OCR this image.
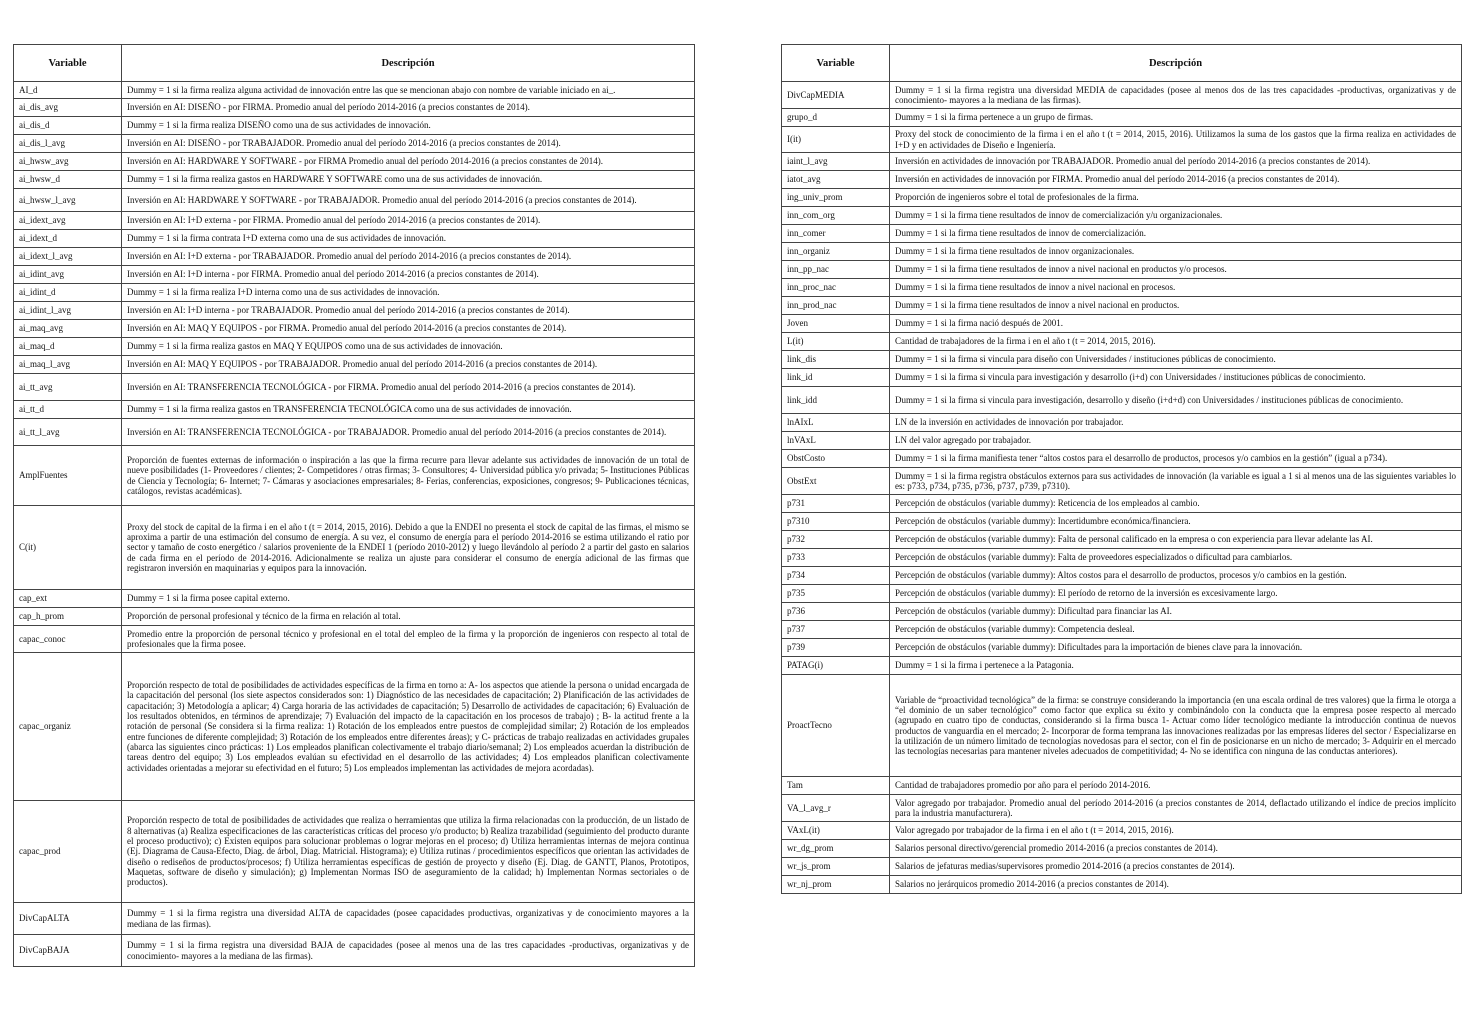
Variable	Descripción
AI_d	Dummy = 1 si la firma realiza alguna actividad de innovación entre las que se mencionan abajo con nombre de variable iniciado en ai_.
ai_dis_avg	Inversión en AI: DISEÑO - por FIRMA. Promedio anual del período 2014-2016 (a precios constantes de 2014).
ai_dis_d	Dummy = 1 si la firma realiza DISEÑO como una de sus actividades de innovación.
ai_dis_l_avg	Inversión en AI: DISEÑO - por TRABAJADOR. Promedio anual del período 2014-2016 (a precios constantes de 2014).
ai_hwsw_avg	Inversión en AI: HARDWARE Y SOFTWARE - por FIRMA Promedio anual del período 2014-2016 (a precios constantes de 2014).
ai_hwsw_d	Dummy = 1 si la firma realiza gastos en HARDWARE Y SOFTWARE como una de sus actividades de innovación.
ai_hwsw_l_avg	Inversión en AI: HARDWARE Y SOFTWARE - por TRABAJADOR. Promedio anual del período 2014-2016 (a precios constantes de 2014).
ai_idext_avg	Inversión en AI: I+D externa - por FIRMA. Promedio anual del período 2014-2016 (a precios constantes de 2014).
ai_idext_d	Dummy = 1 si la firma contrata I+D externa como una de sus actividades de innovación.
ai_idext_l_avg	Inversión en AI: I+D externa - por TRABAJADOR. Promedio anual del período 2014-2016 (a precios constantes de 2014).
ai_idint_avg	Inversión en AI: I+D interna - por FIRMA. Promedio anual del período 2014-2016 (a precios constantes de 2014).
ai_idint_d	Dummy = 1 si la firma realiza I+D interna como una de sus actividades de innovación.
ai_idint_l_avg	Inversión en AI: I+D interna - por TRABAJADOR. Promedio anual del período 2014-2016 (a precios constantes de 2014).
ai_maq_avg	Inversión en AI: MAQ Y EQUIPOS - por FIRMA. Promedio anual del período 2014-2016 (a precios constantes de 2014).
ai_maq_d	Dummy = 1 si la firma realiza gastos en MAQ Y EQUIPOS como una de sus actividades de innovación.
ai_maq_l_avg	Inversión en AI: MAQ Y EQUIPOS - por TRABAJADOR. Promedio anual del período 2014-2016 (a precios constantes de 2014).
ai_tt_avg	Inversión en AI: TRANSFERENCIA TECNOLÓGICA - por FIRMA. Promedio anual del período 2014-2016 (a precios constantes de 2014).
ai_tt_d	Dummy = 1 si la firma realiza gastos en TRANSFERENCIA TECNOLÓGICA como una de sus actividades de innovación.
ai_tt_l_avg	Inversión en AI: TRANSFERENCIA TECNOLÓGICA - por TRABAJADOR. Promedio anual del período 2014-2016 (a precios constantes de 2014).
AmplFuentes	Proporción de fuentes externas de información o inspiración a las que la firma recurre para llevar adelante sus actividades de innovación de un total de nueve posibilidades (1- Proveedores / clientes; 2- Competidores / otras firmas; 3- Consultores; 4- Universidad pública y/o privada; 5- Instituciones Públicas de Ciencia y Tecnología; 6- Internet; 7- Cámaras y asociaciones empresariales; 8- Ferias, conferencias, exposiciones, congresos; 9- Publicaciones técnicas, catálogos, revistas académicas).
C(it)	Proxy del stock de capital de la firma i en el año t (t = 2014, 2015, 2016). Debido a que la ENDEI no presenta el stock de capital de las firmas, el mismo se aproxima a partir de una estimación del consumo de energía. A su vez, el consumo de energía para el período 2014-2016 se estima utilizando el ratio por sector y tamaño de costo energético / salarios proveniente de la ENDEI 1 (período 2010-2012) y luego llevándolo al período 2 a partir del gasto en salarios de cada firma en el período de 2014-2016. Adicionalmente se realiza un ajuste para considerar el consumo de energía adicional de las firmas que registraron inversión en maquinarias y equipos para la innovación.
cap_ext	Dummy = 1 si la firma posee capital externo.
cap_h_prom	Proporción de personal profesional y técnico de la firma en relación al total.
capac_conoc	Promedio entre la proporción de personal técnico y profesional en el total del empleo de la firma y la proporción de ingenieros con respecto al total de profesionales que la firma posee.
capac_organiz	Proporción respecto de total de posibilidades de actividades específicas de la firma en torno a: A- los aspectos que atiende la persona o unidad encargada de la capacitación del personal (los siete aspectos considerados son: 1) Diagnóstico de las necesidades de capacitación; 2) Planificación de las actividades de capacitación; 3) Metodología a aplicar; 4) Carga horaria de las actividades de capacitación; 5) Desarrollo de actividades de capacitación; 6) Evaluación de los resultados obtenidos, en términos de aprendizaje; 7) Evaluación del impacto de la capacitación en los procesos de trabajo) ; B- la actitud frente a la rotación de personal (Se considera si la firma realiza: 1) Rotación de los empleados entre puestos de complejidad similar; 2) Rotación de los empleados entre funciones de diferente complejidad; 3) Rotación de los empleados entre diferentes áreas); y C- prácticas de trabajo realizadas en actividades grupales (abarca las siguientes cinco prácticas: 1) Los empleados planifican colectivamente el trabajo diario/semanal; 2) Los empleados acuerdan la distribución de tareas dentro del equipo; 3) Los empleados evalúan su efectividad en el desarrollo de las actividades; 4) Los empleados planifican colectivamente actividades orientadas a mejorar su efectividad en el futuro; 5) Los empleados implementan las actividades de mejora acordadas).
capac_prod	Proporción respecto de total de posibilidades de actividades que realiza o herramientas que utiliza la firma relacionadas con la producción, de un listado de 8 alternativas (a) Realiza especificaciones de las características críticas del proceso y/o producto; b) Realiza trazabilidad (seguimiento del producto durante el proceso productivo); c) Existen equipos para solucionar problemas o lograr mejoras en el proceso; d) Utiliza herramientas internas de mejora continua (Ej. Diagrama de Causa-Efecto, Diag. de árbol, Diag. Matricial. Histograma); e) Utiliza rutinas / procedimientos específicos que orientan las actividades de diseño o rediseños de productos/procesos; f) Utiliza herramientas específicas de gestión de proyecto y diseño (Ej. Diag. de GANTT, Planos, Prototipos, Maquetas, software de diseño y simulación); g) Implementan Normas ISO de aseguramiento de la calidad; h) Implementan Normas sectoriales o de productos).
DivCapALTA	Dummy = 1 si la firma registra una diversidad ALTA de capacidades (posee capacidades productivas, organizativas y de conocimiento mayores a la mediana de las firmas).
DivCapBAJA	Dummy = 1 si la firma registra una diversidad BAJA de capacidades (posee al menos una de las tres capacidades -productivas, organizativas y de conocimiento- mayores a la mediana de las firmas).
Variable	Descripción
DivCapMEDIA	Dummy = 1 si la firma registra una diversidad MEDIA de capacidades (posee al menos dos de las tres capacidades -productivas, organizativas y de conocimiento- mayores a la mediana de las firmas).
grupo_d	Dummy = 1 si la firma pertenece a un grupo de firmas.
I(it)	Proxy del stock de conocimiento de la firma i en el año t (t = 2014, 2015, 2016). Utilizamos la suma de los gastos que la firma realiza en actividades de I+D y en actividades de Diseño e Ingeniería.
iaint_l_avg	Inversión en actividades de innovación por TRABAJADOR. Promedio anual del período 2014-2016 (a precios constantes de 2014).
iatot_avg	Inversión en actividades de innovación por FIRMA. Promedio anual del período 2014-2016 (a precios constantes de 2014).
ing_univ_prom	Proporción de ingenieros sobre el total de profesionales de la firma.
inn_com_org	Dummy = 1 si la firma tiene resultados de innov de comercialización y/u organizacionales.
inn_comer	Dummy = 1 si la firma tiene resultados de innov de comercialización.
inn_organiz	Dummy = 1 si la firma tiene resultados de innov organizacionales.
inn_pp_nac	Dummy = 1 si la firma tiene resultados de innov a nivel nacional en productos y/o procesos.
inn_proc_nac	Dummy = 1 si la firma tiene resultados de innov a nivel nacional en procesos.
inn_prod_nac	Dummy = 1 si la firma tiene resultados de innov a nivel nacional en productos.
Joven	Dummy = 1 si la firma nació después de 2001.
L(it)	Cantidad de trabajadores de la firma i en el año t (t = 2014, 2015, 2016).
link_dis	Dummy = 1 si la firma si vincula para diseño con Universidades / instituciones públicas de conocimiento.
link_id	Dummy = 1 si la firma si vincula para investigación y desarrollo (i+d) con Universidades / instituciones públicas de conocimiento.
link_idd	Dummy = 1 si la firma si vincula para investigación, desarrollo y diseño (i+d+d) con Universidades / instituciones públicas de conocimiento.
lnAIxL	LN de la inversión en actividades de innovación por trabajador.
lnVAxL	LN del valor agregado por trabajador.
ObstCosto	Dummy = 1 si la firma manifiesta tener “altos costos para el desarrollo de productos, procesos y/o cambios en la gestión” (igual a p734).
ObstExt	Dummy = 1 si la firma registra obstáculos externos para sus actividades de innovación (la variable es igual a 1 si al menos una de las siguientes variables lo es: p733, p734, p735, p736, p737, p739, p7310).
p731	Percepción de obstáculos (variable dummy): Reticencia de los empleados al cambio.
p7310	Percepción de obstáculos (variable dummy): Incertidumbre económica/financiera.
p732	Percepción de obstáculos (variable dummy): Falta de personal calificado en la empresa o con experiencia para llevar adelante las AI.
p733	Percepción de obstáculos (variable dummy): Falta de proveedores especializados o dificultad para cambiarlos.
p734	Percepción de obstáculos (variable dummy): Altos costos para el desarrollo de productos, procesos y/o cambios en la gestión.
p735	Percepción de obstáculos (variable dummy): El período de retorno de la inversión es excesivamente largo.
p736	Percepción de obstáculos (variable dummy): Dificultad para financiar las AI.
p737	Percepción de obstáculos (variable dummy): Competencia desleal.
p739	Percepción de obstáculos (variable dummy): Dificultades para la importación de bienes clave para la innovación.
PATAG(i)	Dummy = 1 si la firma i pertenece a la Patagonia.
ProactTecno	Variable de “proactividad tecnológica” de la firma: se construye considerando la importancia (en una escala ordinal de tres valores) que la firma le otorga a “el dominio de un saber tecnológico” como factor que explica su éxito y combinándolo con la conducta que la empresa posee respecto al mercado (agrupado en cuatro tipo de conductas, considerando si la firma busca 1- Actuar como líder tecnológico mediante la introducción continua de nuevos productos de vanguardia en el mercado; 2- Incorporar de forma temprana las innovaciones realizadas por las empresas líderes del sector / Especializarse en la utilización de un número limitado de tecnologías novedosas para el sector, con el fin de posicionarse en un nicho de mercado; 3- Adquirir en el mercado las tecnologías necesarias para mantener niveles adecuados de competitividad; 4- No se identifica con ninguna de las conductas anteriores).
Tam	Cantidad de trabajadores promedio por año para el período 2014-2016.
VA_l_avg_r	Valor agregado por trabajador. Promedio anual del período 2014-2016 (a precios constantes de 2014, deflactado utilizando el índice de precios implícito para la industria manufacturera).
VAxL(it)	Valor agregado por trabajador de la firma i en el año t (t = 2014, 2015, 2016).
wr_dg_prom	Salarios personal directivo/gerencial promedio 2014-2016 (a precios constantes de 2014).
wr_js_prom	Salarios de jefaturas medias/supervisores promedio 2014-2016 (a precios constantes de 2014).
wr_nj_prom	Salarios no jerárquicos promedio 2014-2016 (a precios constantes de 2014).
